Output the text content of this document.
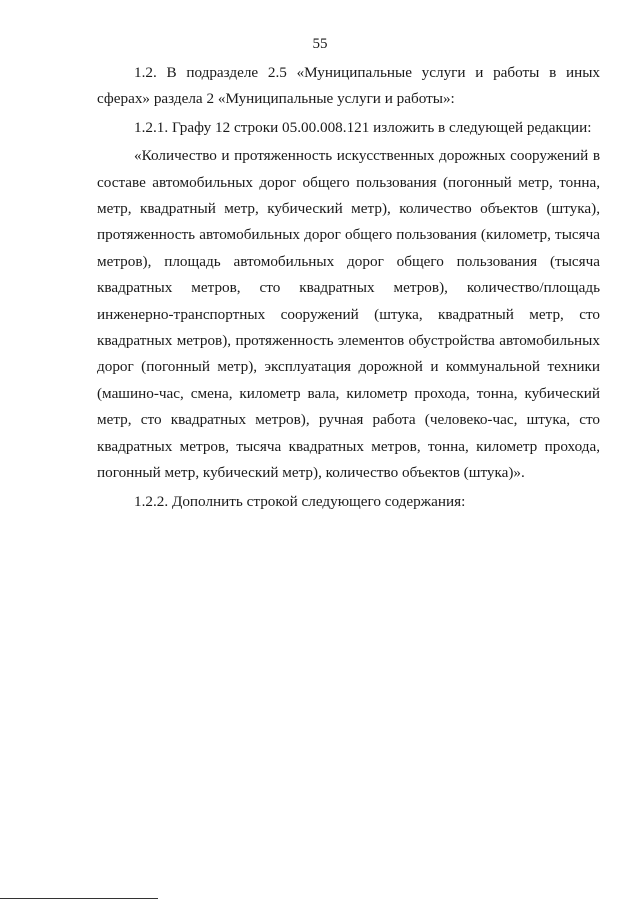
55

1.2. В подразделе 2.5 «Муниципальные услуги и работы в иных сферах» раздела 2 «Муниципальные услуги и работы»:

1.2.1. Графу 12 строки 05.00.008.121 изложить в следующей редакции:

«Количество и протяженность искусственных дорожных сооружений в составе автомобильных дорог общего пользования (погонный метр, тонна, метр, квадратный метр, кубический метр), количество объектов (штука), протяженность автомобильных дорог общего пользования (километр, тысяча метров), площадь автомобильных дорог общего пользования (тысяча квадратных метров, сто квадратных метров), количество/площадь инженерно-транспортных сооружений (штука, квадратный метр, сто квадратных метров), протяженность элементов обустройства автомобильных дорог (погонный метр), эксплуатация дорожной и коммунальной техники (машино-час, смена, километр вала, километр прохода, тонна, кубический метр, сто квадратных метров), ручная работа (человеко-час, штука, сто квадратных метров, тысяча квадратных метров, тонна, километр прохода, погонный метр, кубический метр), количество объектов (штука)».

1.2.2. Дополнить строкой следующего содержания:
